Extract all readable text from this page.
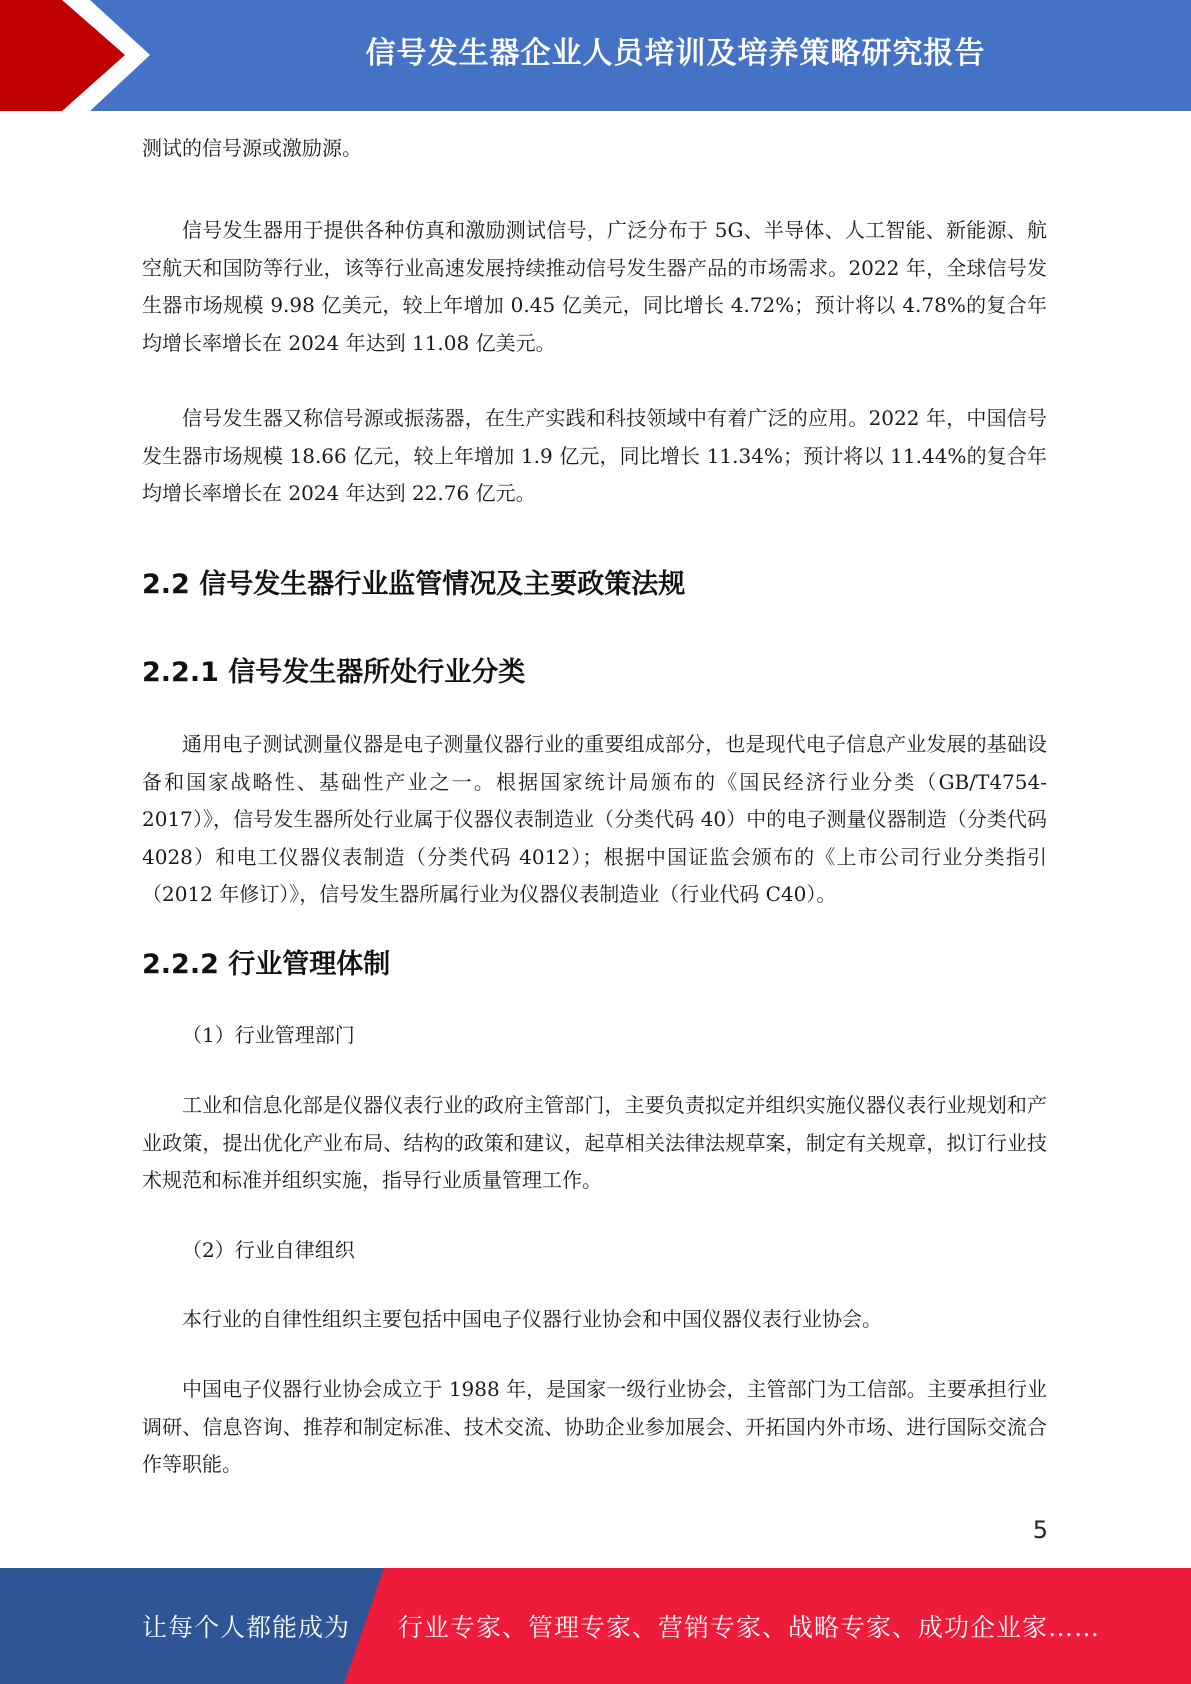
信号发生器企业人员培训及培养策略研究报告

测试的信号源或激励源。

信号发生器用于提供各种仿真和激励测试信号，广泛分布于 5G、半导体、人工智能、新能源、航空航天和国防等行业，该等行业高速发展持续推动信号发生器产品的市场需求。2022 年，全球信号发生器市场规模 9.98 亿美元，较上年增加 0.45 亿美元，同比增长 4.72%；预计将以 4.78%的复合年均增长率增长在 2024 年达到 11.08 亿美元。

信号发生器又称信号源或振荡器，在生产实践和科技领域中有着广泛的应用。2022 年，中国信号发生器市场规模 18.66 亿元，较上年增加 1.9 亿元，同比增长 11.34%；预计将以 11.44%的复合年均增长率增长在 2024 年达到 22.76 亿元。

2.2 信号发生器行业监管情况及主要政策法规
2.2.1 信号发生器所处行业分类

通用电子测试测量仪器是电子测量仪器行业的重要组成部分，也是现代电子信息产业发展的基础设备和国家战略性、基础性产业之一。根据国家统计局颁布的《国民经济行业分类（GB/T4754-2017）》，信号发生器所处行业属于仪器仪表制造业（分类代码 40）中的电子测量仪器制造（分类代码 4028）和电工仪器仪表制造（分类代码 4012）；根据中国证监会颁布的《上市公司行业分类指引（2012 年修订）》，信号发生器所属行业为仪器仪表制造业（行业代码 C40）。

2.2.2 行业管理体制

（1）行业管理部门

工业和信息化部是仪器仪表行业的政府主管部门，主要负责拟定并组织实施仪器仪表行业规划和产业政策，提出优化产业布局、结构的政策和建议，起草相关法律法规草案，制定有关规章，拟订行业技术规范和标准并组织实施，指导行业质量管理工作。

（2）行业自律组织

本行业的自律性组织主要包括中国电子仪器行业协会和中国仪器仪表行业协会。

中国电子仪器行业协会成立于 1988 年，是国家一级行业协会，主管部门为工信部。主要承担行业调研、信息咨询、推荐和制定标准、技术交流、协助企业参加展会、开拓国内外市场、进行国际交流合作等职能。

5
让每个人都能成为 行业专家、管理专家、营销专家、战略专家、成功企业家……
